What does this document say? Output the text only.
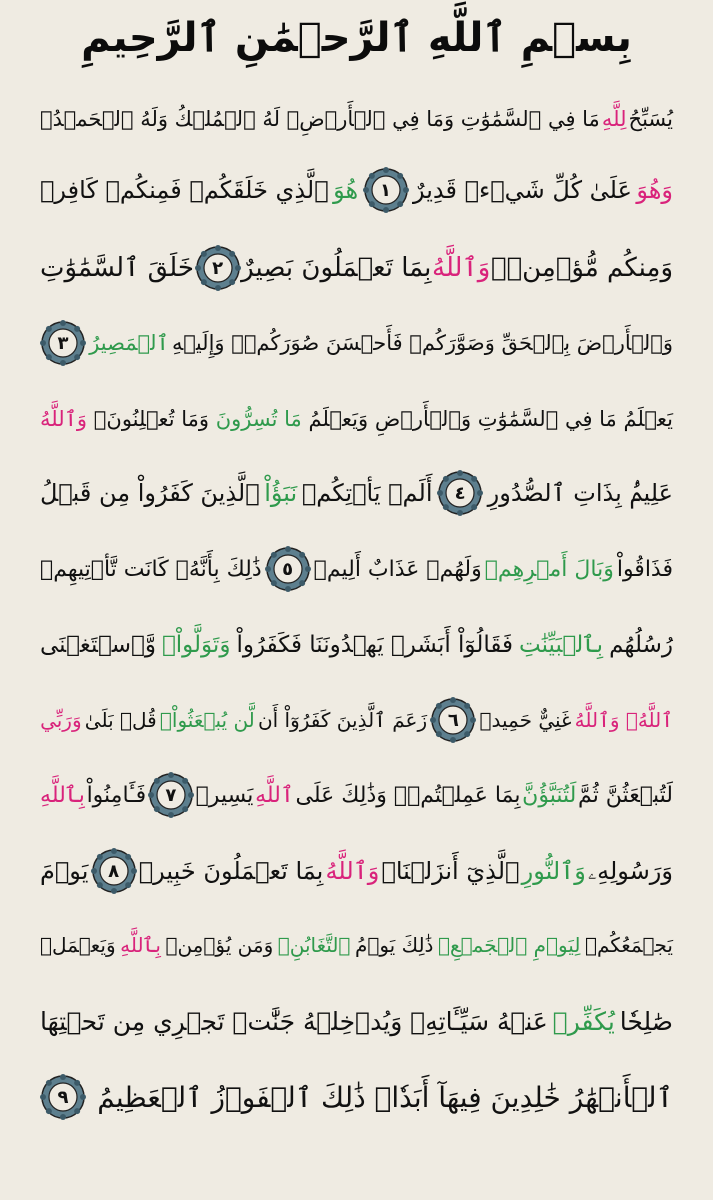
بِسۡمِ ٱللَّهِ ٱلرَّحۡمَٰنِ ٱلرَّحِيمِ
يُسَبِّحُ
لِلَّهِ
مَا فِي ٱلسَّمَٰوَٰتِ وَمَا فِي ٱلۡأَرۡضِۖ لَهُ ٱلۡمُلۡكُ وَلَهُ ٱلۡحَمۡدُۖ
وَهُوَ
عَلَىٰ كُلِّ شَيۡءٖ قَدِيرٌ
١
هُوَ
ٱلَّذِي خَلَقَكُمۡ فَمِنكُمۡ كَافِرٞ
وَمِنكُم مُّؤۡمِنٞۚ
وَٱللَّهُ
بِمَا تَعۡمَلُونَ بَصِيرٌ
٢
خَلَقَ ٱلسَّمَٰوَٰتِ
وَٱلۡأَرۡضَ بِٱلۡحَقِّ وَصَوَّرَكُمۡ فَأَحۡسَنَ صُوَرَكُمۡۖ وَإِلَيۡهِ
ٱلۡمَصِيرُ
٣
يَعۡلَمُ مَا فِي ٱلسَّمَٰوَٰتِ وَٱلۡأَرۡضِ وَيَعۡلَمُ
مَا تُسِرُّونَ
وَمَا تُعۡلِنُونَۚ
وَٱللَّهُ
عَلِيمُۢ بِذَاتِ ٱلصُّدُورِ
٤
أَلَمۡ يَأۡتِكُمۡ
نَبَؤُاْ
ٱلَّذِينَ كَفَرُواْ مِن قَبۡلُ
فَذَاقُواْ
وَبَالَ أَمۡرِهِمۡ
وَلَهُمۡ عَذَابٌ أَلِيمٞ
٥
ذَٰلِكَ بِأَنَّهُۥ كَانَت تَّأۡتِيهِمۡ
رُسُلُهُم
بِٱلۡبَيِّنَٰتِ
فَقَالُوٓاْ أَبَشَرٞ يَهۡدُونَنَا فَكَفَرُواْ
وَتَوَلَّواْۚ
وَّٱسۡتَغۡنَى
ٱللَّهُۚ وَٱللَّهُ
غَنِيٌّ حَمِيدٞ
٦
زَعَمَ ٱلَّذِينَ كَفَرُوٓاْ أَن
لَّن يُبۡعَثُواْۚ
قُلۡ بَلَىٰ
وَرَبِّي
لَتُبۡعَثُنَّ ثُمَّ
لَتُنَبَّؤُنَّ
بِمَا عَمِلۡتُمۡۚ وَذَٰلِكَ عَلَى
ٱللَّهِ
يَسِيرٞ
٧
فَـَٔامِنُواْ
بِٱللَّهِ
وَرَسُولِهِۦ
وَٱلنُّورِ
ٱلَّذِيٓ أَنزَلۡنَاۚ
وَٱللَّهُ
بِمَا تَعۡمَلُونَ خَبِيرٞ
٨
يَوۡمَ
يَجۡمَعُكُمۡ
لِيَوۡمِ ٱلۡجَمۡعِۖ
ذَٰلِكَ يَوۡمُ
ٱلتَّغَابُنِۗ
وَمَن يُؤۡمِنۢ
بِٱللَّهِ
وَيَعۡمَلۡ
صَٰلِحٗا
يُكَفِّرۡ
عَنۡهُ سَيِّـَٔاتِهِۦ وَيُدۡخِلۡهُ جَنَّٰتٖ تَجۡرِي مِن تَحۡتِهَا
ٱلۡأَنۡهَٰرُ خَٰلِدِينَ فِيهَآ أَبَدٗاۚ ذَٰلِكَ ٱلۡفَوۡزُ ٱلۡعَظِيمُ
٩
